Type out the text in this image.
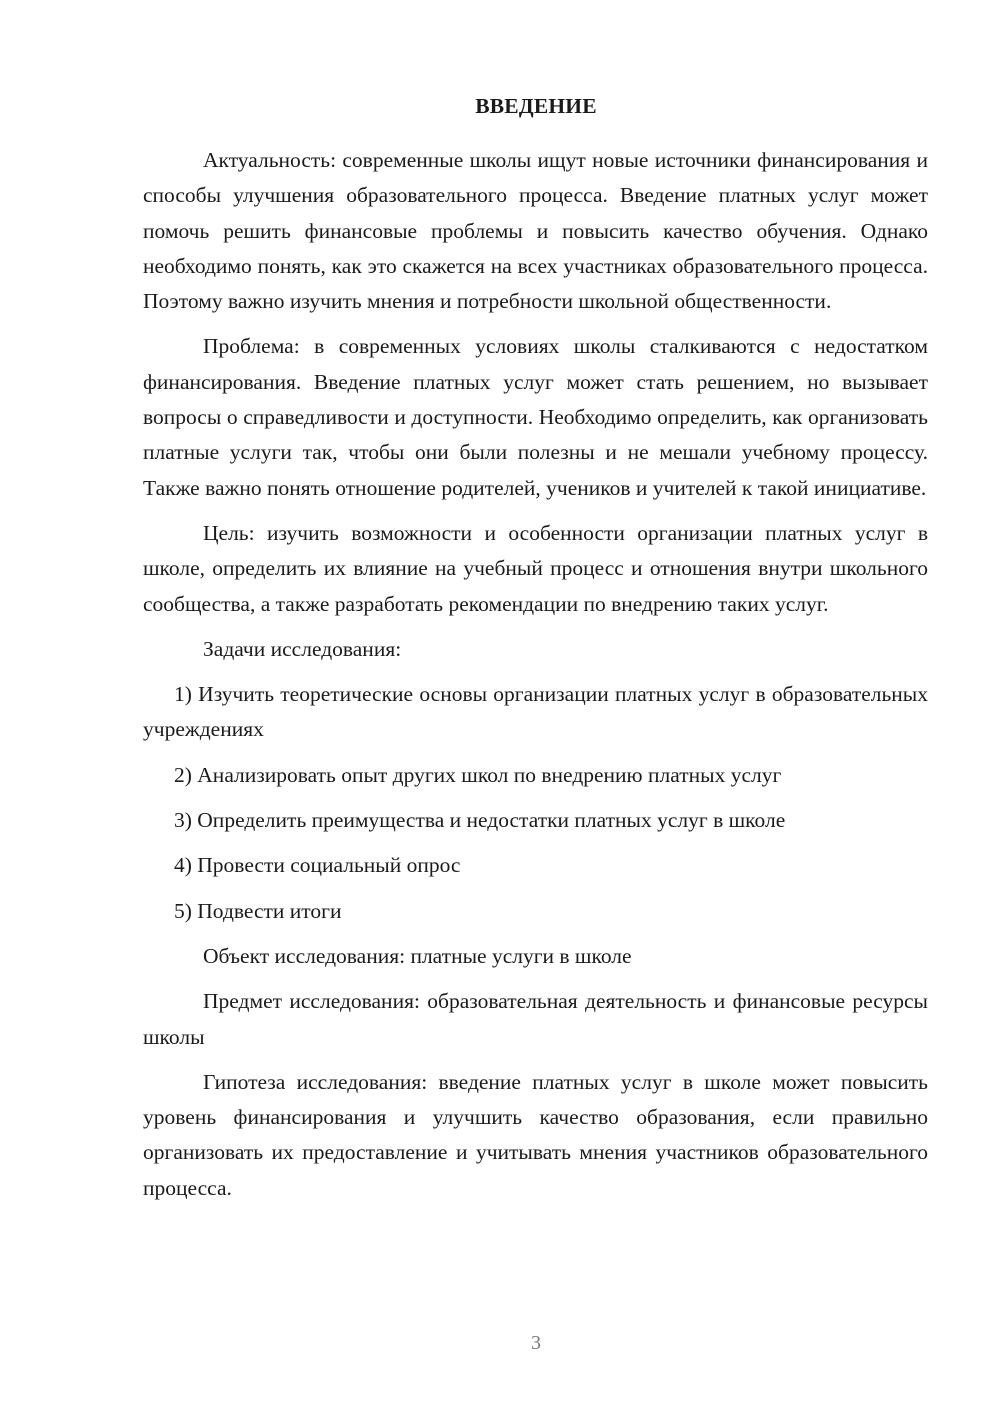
ВВЕДЕНИЕ

Актуальность: современные школы ищут новые источники финансирования и способы улучшения образовательного процесса. Введение платных услуг может помочь решить финансовые проблемы и повысить качество обучения. Однако необходимо понять, как это скажется на всех участниках образовательного процесса. Поэтому важно изучить мнения и потребности школьной общественности.

Проблема: в современных условиях школы сталкиваются с недостатком финансирования. Введение платных услуг может стать решением, но вызывает вопросы о справедливости и доступности. Необходимо определить, как организовать платные услуги так, чтобы они были полезны и не мешали учебному процессу. Также важно понять отношение родителей, учеников и учителей к такой инициативе.

Цель: изучить возможности и особенности организации платных услуг в школе, определить их влияние на учебный процесс и отношения внутри школьного сообщества, а также разработать рекомендации по внедрению таких услуг.

Задачи исследования:

1) Изучить теоретические основы организации платных услуг в образовательных учреждениях

2) Анализировать опыт других школ по внедрению платных услуг

3) Определить преимущества и недостатки платных услуг в школе

4) Провести социальный опрос

5) Подвести итоги

Объект исследования: платные услуги в школе

Предмет исследования: образовательная деятельность и финансовые ресурсы школы

Гипотеза исследования: введение платных услуг в школе может повысить уровень финансирования и улучшить качество образования, если правильно организовать их предоставление и учитывать мнения участников образовательного процесса.

3
